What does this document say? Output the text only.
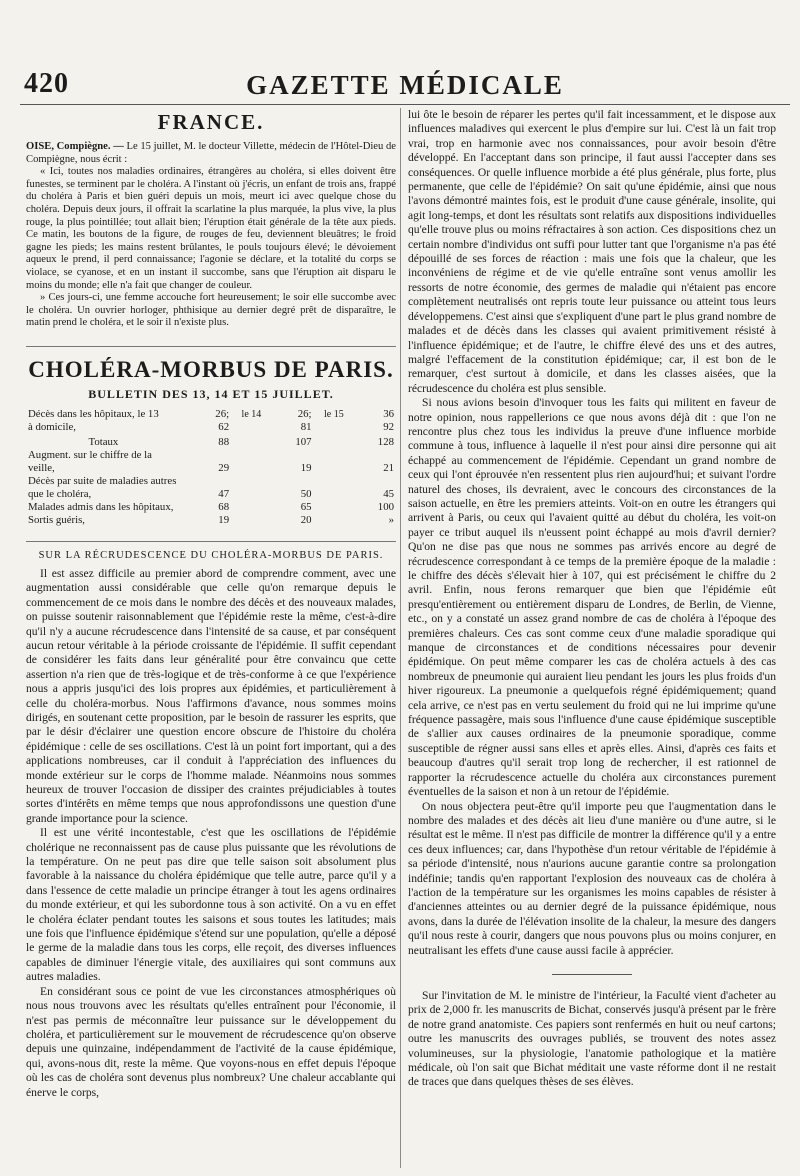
420	GAZETTE MÉDICALE
FRANCE.

OISE, Compiègne. — Le 15 juillet, M. le docteur Villette, médecin de l'Hôtel-Dieu de Compiègne, nous écrit :

« Ici, toutes nos maladies ordinaires, étrangères au choléra, si elles doivent être funestes, se terminent par le choléra. A l'instant où j'écris, un enfant de trois ans, frappé du choléra à Paris et bien guéri depuis un mois, meurt ici avec quelque chose du choléra. Depuis deux jours, il offrait la scarlatine la plus marquée, la plus vive, la plus rouge, la plus pointillée; tout allait bien; l'éruption était générale de la tête aux pieds. Ce matin, les boutons de la figure, de rouges de feu, deviennent bleuâtres; le froid gagne les pieds; les mains restent brûlantes, le pouls toujours élevé; le dévoiement aqueux le prend, il perd connaissance; l'agonie se déclare, et la totalité du corps se violace, se cyanose, et en un instant il succombe, sans que l'éruption ait disparu le moins du monde; elle n'a fait que changer de couleur.

» Ces jours-ci, une femme accouche fort heureusement; le soir elle succombe avec le choléra. Un ouvrier horloger, phthisique au dernier degré prêt de disparaître, le matin prend le choléra, et le soir il n'existe plus.

CHOLÉRA-MORBUS DE PARIS.
BULLETIN DES 13, 14 ET 15 JUILLET.
Décès dans les hôpitaux, le 13	26;	le 14	26;	le 15	36
à domicile,	62		81		92
Totaux	88		107		128
Augment. sur le chiffre de la veille,	29		19		21
Décès par suite de maladies autres que le choléra,	47		50		45
Malades admis dans les hôpitaux,	68		65		100
Sortis guéris,	19		20		»
SUR LA RÉCRUDESCENCE DU CHOLÉRA-MORBUS DE PARIS.

Il est assez difficile au premier abord de comprendre comment, avec une augmentation aussi considérable que celle qu'on remarque depuis le commencement de ce mois dans le nombre des décès et des nouveaux malades, on puisse soutenir raisonnablement que l'épidémie reste la même, c'est-à-dire qu'il n'y a aucune récrudescence dans l'intensité de sa cause, et par conséquent aucun retour véritable à la période croissante de l'épidémie. Il suffit cependant de considérer les faits dans leur généralité pour être convaincu que cette assertion n'a rien que de très-logique et de très-conforme à ce que l'expérience nous a appris jusqu'ici des lois propres aux épidémies, et particulièrement à celle du choléra-morbus. Nous l'affirmons d'avance, nous sommes moins dirigés, en soutenant cette proposition, par le besoin de rassurer les esprits, que par le désir d'éclairer une question encore obscure de l'histoire du choléra épidémique : celle de ses oscillations. C'est là un point fort important, qui a des applications nombreuses, car il conduit à l'appréciation des influences du monde extérieur sur le corps de l'homme malade. Néanmoins nous sommes heureux de trouver l'occasion de dissiper des craintes préjudiciables à toutes sortes d'intérêts en même temps que nous approfondissons une question d'une grande importance pour la science.

Il est une vérité incontestable, c'est que les oscillations de l'épidémie cholérique ne reconnaissent pas de cause plus puissante que les révolutions de la température. On ne peut pas dire que telle saison soit absolument plus favorable à la naissance du choléra épidémique que telle autre, parce qu'il y a dans l'essence de cette maladie un principe étranger à tout les agens ordinaires du monde extérieur, et qui les subordonne tous à son activité. On a vu en effet le choléra éclater pendant toutes les saisons et sous toutes les latitudes; mais une fois que l'influence épidémique s'étend sur une population, qu'elle a déposé le germe de la maladie dans tous les corps, elle reçoit, des diverses influences capables de diminuer l'énergie vitale, des auxiliaires qui sont communs aux autres maladies.

En considérant sous ce point de vue les circonstances atmosphériques où nous nous trouvons avec les résultats qu'elles entraînent pour l'économie, il n'est pas permis de méconnaître leur puissance sur le développement du choléra, et particulièrement sur le mouvement de récrudescence qu'on observe depuis une quinzaine, indépendamment de l'activité de la cause épidémique, qui, avons-nous dit, reste la même. Que voyons-nous en effet depuis l'époque où les cas de choléra sont devenus plus nombreux? Une chaleur accablante qui énerve le corps,

lui ôte le besoin de réparer les pertes qu'il fait incessamment, et le dispose aux influences maladives qui exercent le plus d'empire sur lui. C'est là un fait trop vrai, trop en harmonie avec nos connaissances, pour avoir besoin d'être développé. En l'acceptant dans son principe, il faut aussi l'accepter dans ses conséquences. Or quelle influence morbide a été plus générale, plus forte, plus permanente, que celle de l'épidémie? On sait qu'une épidémie, ainsi que nous l'avons démontré maintes fois, est le produit d'une cause générale, insolite, qui agit long-temps, et dont les résultats sont relatifs aux dispositions individuelles qu'elle trouve plus ou moins réfractaires à son action. Ces dispositions chez un certain nombre d'individus ont suffi pour lutter tant que l'organisme n'a pas été dépouillé de ses forces de réaction : mais une fois que la chaleur, que les inconvéniens de régime et de vie qu'elle entraîne sont venus amollir les ressorts de notre économie, des germes de maladie qui n'étaient pas encore complètement neutralisés ont repris toute leur puissance ou atteint tous leurs développemens. C'est ainsi que s'expliquent d'une part le plus grand nombre de malades et de décès dans les classes qui avaient primitivement résisté à l'influence épidémique; et de l'autre, le chiffre élevé des uns et des autres, malgré l'effacement de la constitution épidémique; car, il est bon de le remarquer, c'est surtout à domicile, et dans les classes aisées, que la récrudescence du choléra est plus sensible.

Si nous avions besoin d'invoquer tous les faits qui militent en faveur de notre opinion, nous rappellerions ce que nous avons déjà dit : que l'on ne rencontre plus chez tous les individus la preuve d'une influence morbide commune à tous, influence à laquelle il n'est pour ainsi dire personne qui ait échappé au commencement de l'épidémie. Cependant un grand nombre de ceux qui l'ont éprouvée n'en ressentent plus rien aujourd'hui; et suivant l'ordre naturel des choses, ils devraient, avec le concours des circonstances de la saison actuelle, en être les premiers atteints. Voit-on en outre les étrangers qui arrivent à Paris, ou ceux qui l'avaient quitté au début du choléra, les voit-on payer ce tribut auquel ils n'eussent point échappé au mois d'avril dernier? Qu'on ne dise pas que nous ne sommes pas arrivés encore au degré de récrudescence correspondant à ce temps de la première époque de la maladie : le chiffre des décès s'élevait hier à 107, qui est précisément le chiffre du 2 avril. Enfin, nous ferons remarquer que bien que l'épidémie eût presqu'entièrement ou entièrement disparu de Londres, de Berlin, de Vienne, etc., on y a constaté un assez grand nombre de cas de choléra à l'époque des premières chaleurs. Ces cas sont comme ceux d'une maladie sporadique qui manque de circonstances et de conditions nécessaires pour devenir épidémique. On peut même comparer les cas de choléra actuels à des cas nombreux de pneumonie qui auraient lieu pendant les jours les plus froids d'un hiver rigoureux. La pneumonie a quelquefois régné épidémiquement; quand cela arrive, ce n'est pas en vertu seulement du froid qui ne lui imprime qu'une fréquence passagère, mais sous l'influence d'une cause épidémique susceptible de s'allier aux causes ordinaires de la pneumonie sporadique, comme susceptible de régner aussi sans elles et après elles. Ainsi, d'après ces faits et beaucoup d'autres qu'il serait trop long de rechercher, il est rationnel de rapporter la récrudescence actuelle du choléra aux circonstances purement éventuelles de la saison et non à un retour de l'épidémie.

On nous objectera peut-être qu'il importe peu que l'augmentation dans le nombre des malades et des décès ait lieu d'une manière ou d'une autre, si le résultat est le même. Il n'est pas difficile de montrer la différence qu'il y a entre ces deux influences; car, dans l'hypothèse d'un retour véritable de l'épidémie à sa période d'intensité, nous n'aurions aucune garantie contre sa prolongation indéfinie; tandis qu'en rapportant l'explosion des nouveaux cas de choléra à l'action de la température sur les organismes les moins capables de résister à d'anciennes atteintes ou au dernier degré de la puissance épidémique, nous avons, dans la durée de l'élévation insolite de la chaleur, la mesure des dangers qu'il nous reste à courir, dangers que nous pouvons plus ou moins conjurer, en neutralisant les effets d'une cause aussi facile à apprécier.

Sur l'invitation de M. le ministre de l'intérieur, la Faculté vient d'acheter au prix de 2,000 fr. les manuscrits de Bichat, conservés jusqu'à présent par le frère de notre grand anatomiste. Ces papiers sont renfermés en huit ou neuf cartons; outre les manuscrits des ouvrages publiés, se trouvent des notes assez volumineuses, sur la physiologie, l'anatomie pathologique et la matière médicale, où l'on sait que Bichat méditait une vaste réforme dont il ne restait de traces que dans quelques thèses de ses élèves.
